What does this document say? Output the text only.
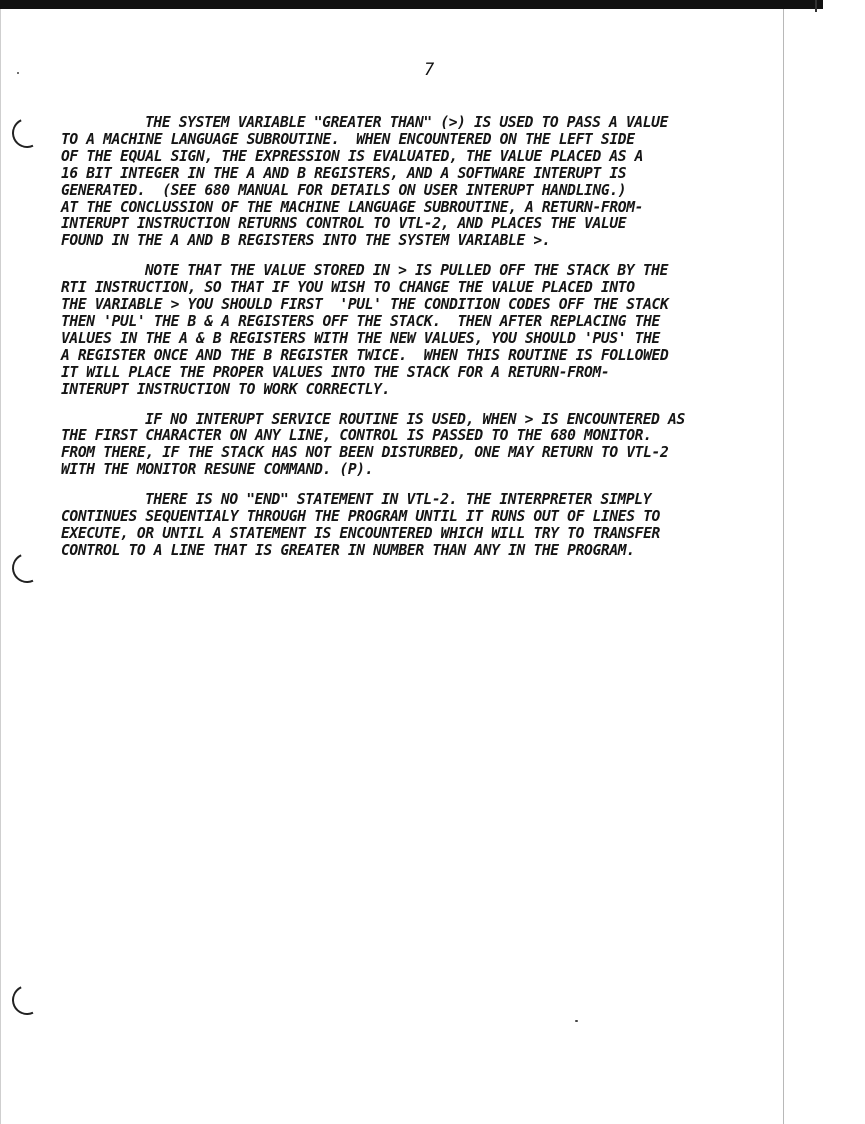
7
THE SYSTEM VARIABLE "GREATER THAN" (>) IS USED TO PASS A VALUE
TO A MACHINE LANGUAGE SUBROUTINE.  WHEN ENCOUNTERED ON THE LEFT SIDE
OF THE EQUAL SIGN, THE EXPRESSION IS EVALUATED, THE VALUE PLACED AS A
16 BIT INTEGER IN THE A AND B REGISTERS, AND A SOFTWARE INTERUPT IS
GENERATED.  (SEE 680 MANUAL FOR DETAILS ON USER INTERUPT HANDLING.)
AT THE CONCLUSSION OF THE MACHINE LANGUAGE SUBROUTINE, A RETURN-FROM-
INTERUPT INSTRUCTION RETURNS CONTROL TO VTL-2, AND PLACES THE VALUE
FOUND IN THE A AND B REGISTERS INTO THE SYSTEM VARIABLE >.
NOTE THAT THE VALUE STORED IN > IS PULLED OFF THE STACK BY THE
RTI INSTRUCTION, SO THAT IF YOU WISH TO CHANGE THE VALUE PLACED INTO
THE VARIABLE > YOU SHOULD FIRST  'PUL' THE CONDITION CODES OFF THE STACK
THEN 'PUL' THE B & A REGISTERS OFF THE STACK.  THEN AFTER REPLACING THE
VALUES IN THE A & B REGISTERS WITH THE NEW VALUES, YOU SHOULD 'PUS' THE
A REGISTER ONCE AND THE B REGISTER TWICE.  WHEN THIS ROUTINE IS FOLLOWED
IT WILL PLACE THE PROPER VALUES INTO THE STACK FOR A RETURN-FROM-
INTERUPT INSTRUCTION TO WORK CORRECTLY.
IF NO INTERUPT SERVICE ROUTINE IS USED, WHEN > IS ENCOUNTERED AS
THE FIRST CHARACTER ON ANY LINE, CONTROL IS PASSED TO THE 680 MONITOR.
FROM THERE, IF THE STACK HAS NOT BEEN DISTURBED, ONE MAY RETURN TO VTL-2
WITH THE MONITOR RESUNE COMMAND. (P).
THERE IS NO "END" STATEMENT IN VTL-2. THE INTERPRETER SIMPLY
CONTINUES SEQUENTIALY THROUGH THE PROGRAM UNTIL IT RUNS OUT OF LINES TO
EXECUTE, OR UNTIL A STATEMENT IS ENCOUNTERED WHICH WILL TRY TO TRANSFER
CONTROL TO A LINE THAT IS GREATER IN NUMBER THAN ANY IN THE PROGRAM.
